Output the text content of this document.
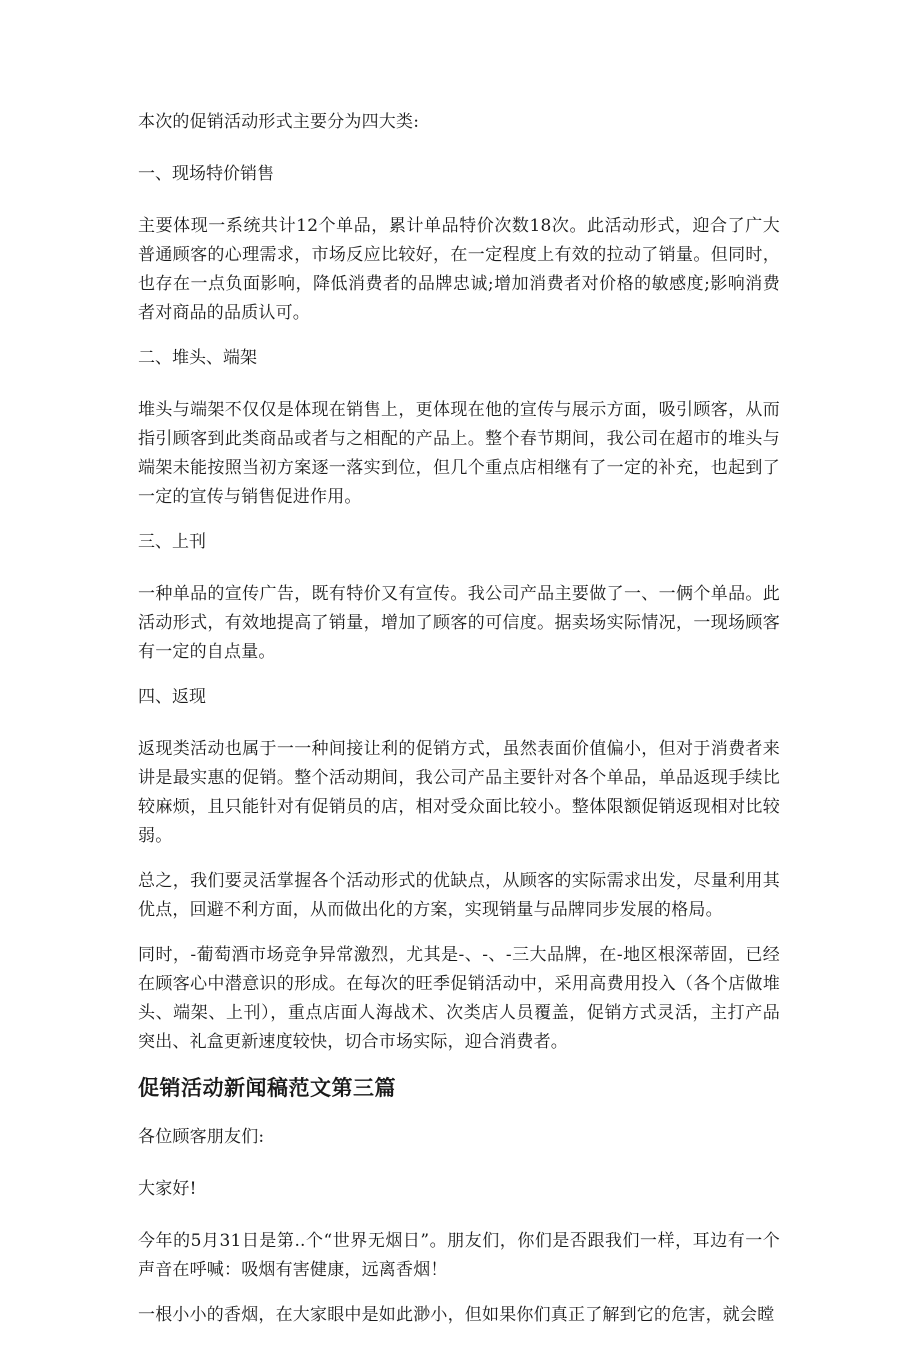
本次的促销活动形式主要分为四大类:

一、现场特价销售

主要体现一系统共计12个单品，累计单品特价次数18次。此活动形式，迎合了广大普通顾客的心理需求，市场反应比较好，在一定程度上有效的拉动了销量。但同时，也存在一点负面影响，降低消费者的品牌忠诚;增加消费者对价格的敏感度;影响消费者对商品的品质认可。

二、堆头、端架

堆头与端架不仅仅是体现在销售上，更体现在他的宣传与展示方面，吸引顾客，从而指引顾客到此类商品或者与之相配的产品上。整个春节期间，我公司在超市的堆头与端架未能按照当初方案逐一落实到位，但几个重点店相继有了一定的补充，也起到了一定的宣传与销售促进作用。

三、上刊

一种单品的宣传广告，既有特价又有宣传。我公司产品主要做了一、一俩个单品。此活动形式，有效地提高了销量，增加了顾客的可信度。据卖场实际情况，一现场顾客有一定的自点量。

四、返现

返现类活动也属于一一种间接让利的促销方式，虽然表面价值偏小，但对于消费者来讲是最实惠的促销。整个活动期间，我公司产品主要针对各个单品，单品返现手续比较麻烦，且只能针对有促销员的店，相对受众面比较小。整体限额促销返现相对比较弱。

总之，我们要灵活掌握各个活动形式的优缺点，从顾客的实际需求出发，尽量利用其优点，回避不利方面，从而做出化的方案，实现销量与品牌同步发展的格局。

同时，-葡萄酒市场竞争异常激烈，尤其是-、-、-三大品牌，在-地区根深蒂固，已经在顾客心中潜意识的形成。在每次的旺季促销活动中，采用高费用投入（各个店做堆头、端架、上刊），重点店面人海战术、次类店人员覆盖，促销方式灵活，主打产品突出、礼盒更新速度较快，切合市场实际，迎合消费者。

促销活动新闻稿范文第三篇

各位顾客朋友们:

大家好!

今年的5月31日是第..个“世界无烟日”。朋友们，你们是否跟我们一样，耳边有一个声音在呼喊：吸烟有害健康，远离香烟！

一根小小的香烟，在大家眼中是如此渺小，但如果你们真正了解到它的危害，就会瞠
